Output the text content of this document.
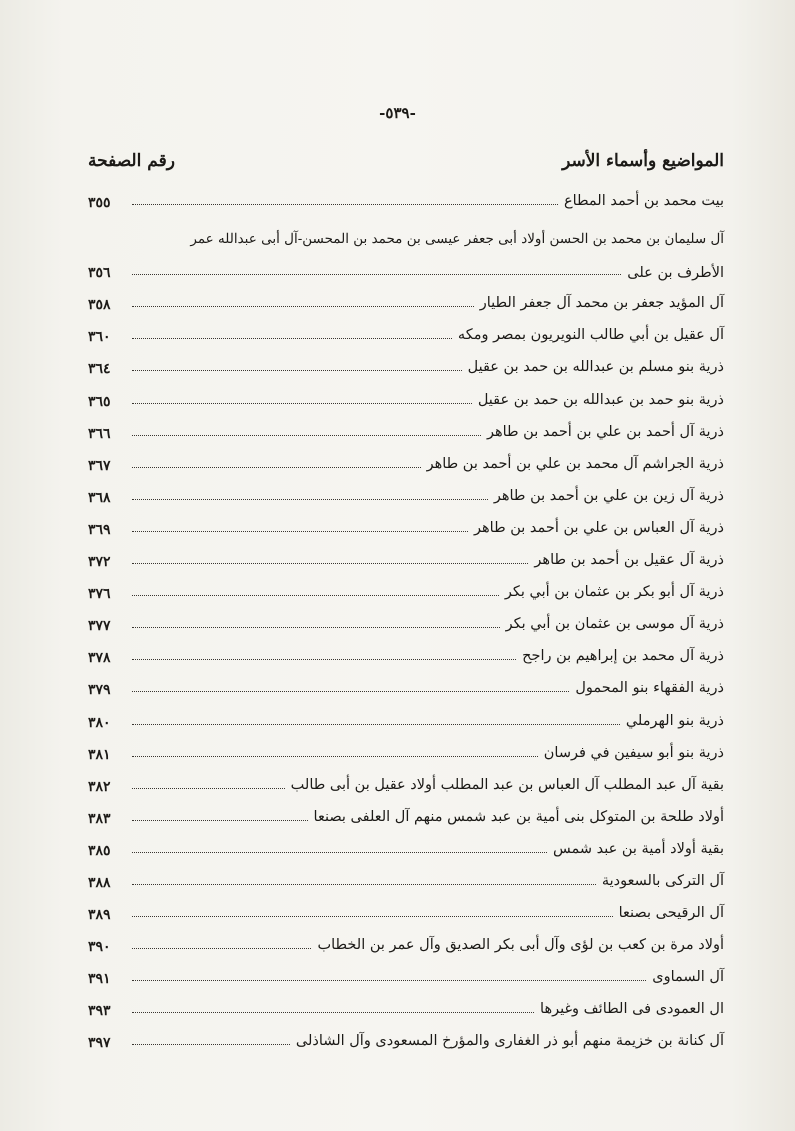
-٥٣٩-
المواضيع وأسماء الأسر
رقم الصفحة
بيت محمد بن أحمد المطاع
٣٥٥
آل سليمان بن محمد بن الحسن أولاد أبى جعفر عيسى بن محمد بن المحسن-آل أبى عبدالله عمر
الأطرف بن على
٣٥٦
آل المؤيد جعفر بن محمد آل جعفر الطيار
٣٥٨
آل عقيل بن أبي طالب النويريون بمصر ومكه
٣٦٠
ذرية بنو مسلم بن عبدالله بن حمد بن عقيل
٣٦٤
ذرية بنو حمد بن عبدالله بن حمد بن عقيل
٣٦٥
ذرية آل أحمد بن علي بن أحمد بن طاهر
٣٦٦
ذرية الجراشم آل محمد بن علي بن أحمد بن طاهر
٣٦٧
ذرية آل زين بن علي بن أحمد بن طاهر
٣٦٨
ذرية آل العباس بن علي بن أحمد بن طاهر
٣٦٩
ذرية آل عقيل بن أحمد بن طاهر
٣٧٢
ذرية آل أبو بكر بن عثمان بن أبي بكر
٣٧٦
ذرية آل موسى بن عثمان بن أبي بكر
٣٧٧
ذرية آل محمد بن إبراهيم بن راجح
٣٧٨
ذرية الفقهاء بنو المحمول
٣٧٩
ذرية بنو الهرملي
٣٨٠
ذرية بنو أبو سيفين في فرسان
٣٨١
بقية آل عبد المطلب آل العباس بن عبد المطلب أولاد عقيل بن أبى طالب
٣٨٢
أولاد طلحة بن المتوكل بنى أمية بن عبد شمس منهم آل العلفى بصنعا
٣٨٣
بقية أولاد أمية بن عبد شمس
٣٨٥
آل التركى بالسعودية
٣٨٨
آل الرقيحى بصنعا
٣٨٩
أولاد مرة بن كعب بن لؤى وآل أبى بكر الصديق وآل عمر بن الخطاب
٣٩٠
آل السماوى
٣٩١
ال العمودى فى الطائف وغيرها
٣٩٣
آل كنانة بن خزيمة منهم أبو ذر الغفارى والمؤرخ المسعودى وآل الشاذلى
٣٩٧
